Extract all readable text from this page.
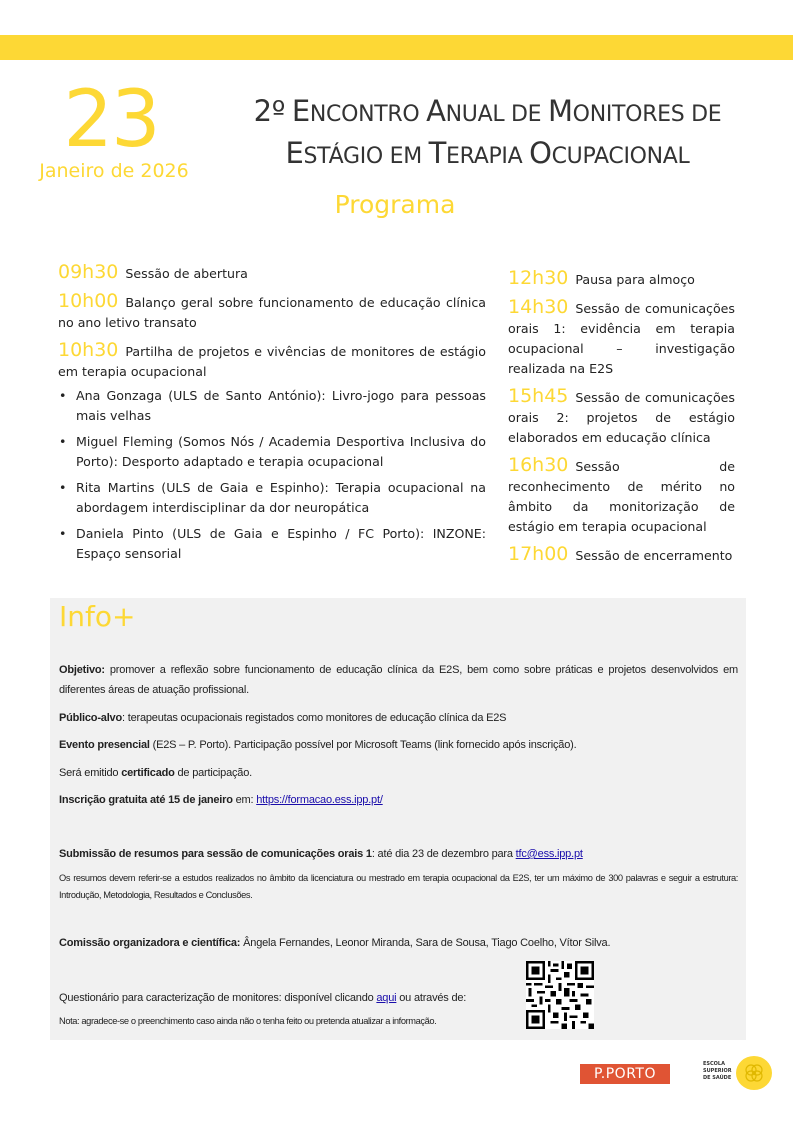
23
Janeiro de 2026
2º ENCONTRO ANUAL DE MONITORES DE
ESTÁGIO EM TERAPIA OCUPACIONAL
Programa
09h30 Sessão de abertura
10h00 Balanço geral sobre funcionamento de educação clínica no ano letivo transato
10h30 Partilha de projetos e vivências de monitores de estágio em terapia ocupacional
• Ana Gonzaga (ULS de Santo António): Livro-jogo para pessoas mais velhas
• Miguel Fleming (Somos Nós / Academia Desportiva Inclusiva do Porto): Desporto adaptado e terapia ocupacional
• Rita Martins (ULS de Gaia e Espinho): Terapia ocupacional na abordagem interdisciplinar da dor neuropática
• Daniela Pinto (ULS de Gaia e Espinho / FC Porto): INZONE: Espaço sensorial
12h30 Pausa para almoço
14h30 Sessão de comunicações orais 1: evidência em terapia ocupacional – investigação realizada na E2S
15h45 Sessão de comunicações orais 2: projetos de estágio elaborados em educação clínica
16h30 Sessão de reconhecimento de mérito no âmbito da monitorização de estágio em terapia ocupacional
17h00 Sessão de encerramento
Info+

Objetivo: promover a reflexão sobre funcionamento de educação clínica da E2S, bem como sobre práticas e projetos desenvolvidos em diferentes áreas de atuação profissional.

Público-alvo: terapeutas ocupacionais registados como monitores de educação clínica da E2S

Evento presencial (E2S – P. Porto). Participação possível por Microsoft Teams (link fornecido após inscrição).

Será emitido certificado de participação.

Inscrição gratuita até 15 de janeiro em: https://formacao.ess.ipp.pt/

Submissão de resumos para sessão de comunicações orais 1: até dia 23 de dezembro para tfc@ess.ipp.pt

Os resumos devem referir-se a estudos realizados no âmbito da licenciatura ou mestrado em terapia ocupacional da E2S, ter um máximo de 300 palavras e seguir a estrutura: Introdução, Metodologia, Resultados e Conclusões.

Comissão organizadora e científica: Ângela Fernandes, Leonor Miranda, Sara de Sousa, Tiago Coelho, Vítor Silva.

Questionário para caracterização de monitores: disponível clicando aqui ou através de:

Nota: agradece-se o preenchimento caso ainda não o tenha feito ou pretenda atualizar a informação.

P.PORTO
ESCOLA
SUPERIOR
DE SAÚDE
